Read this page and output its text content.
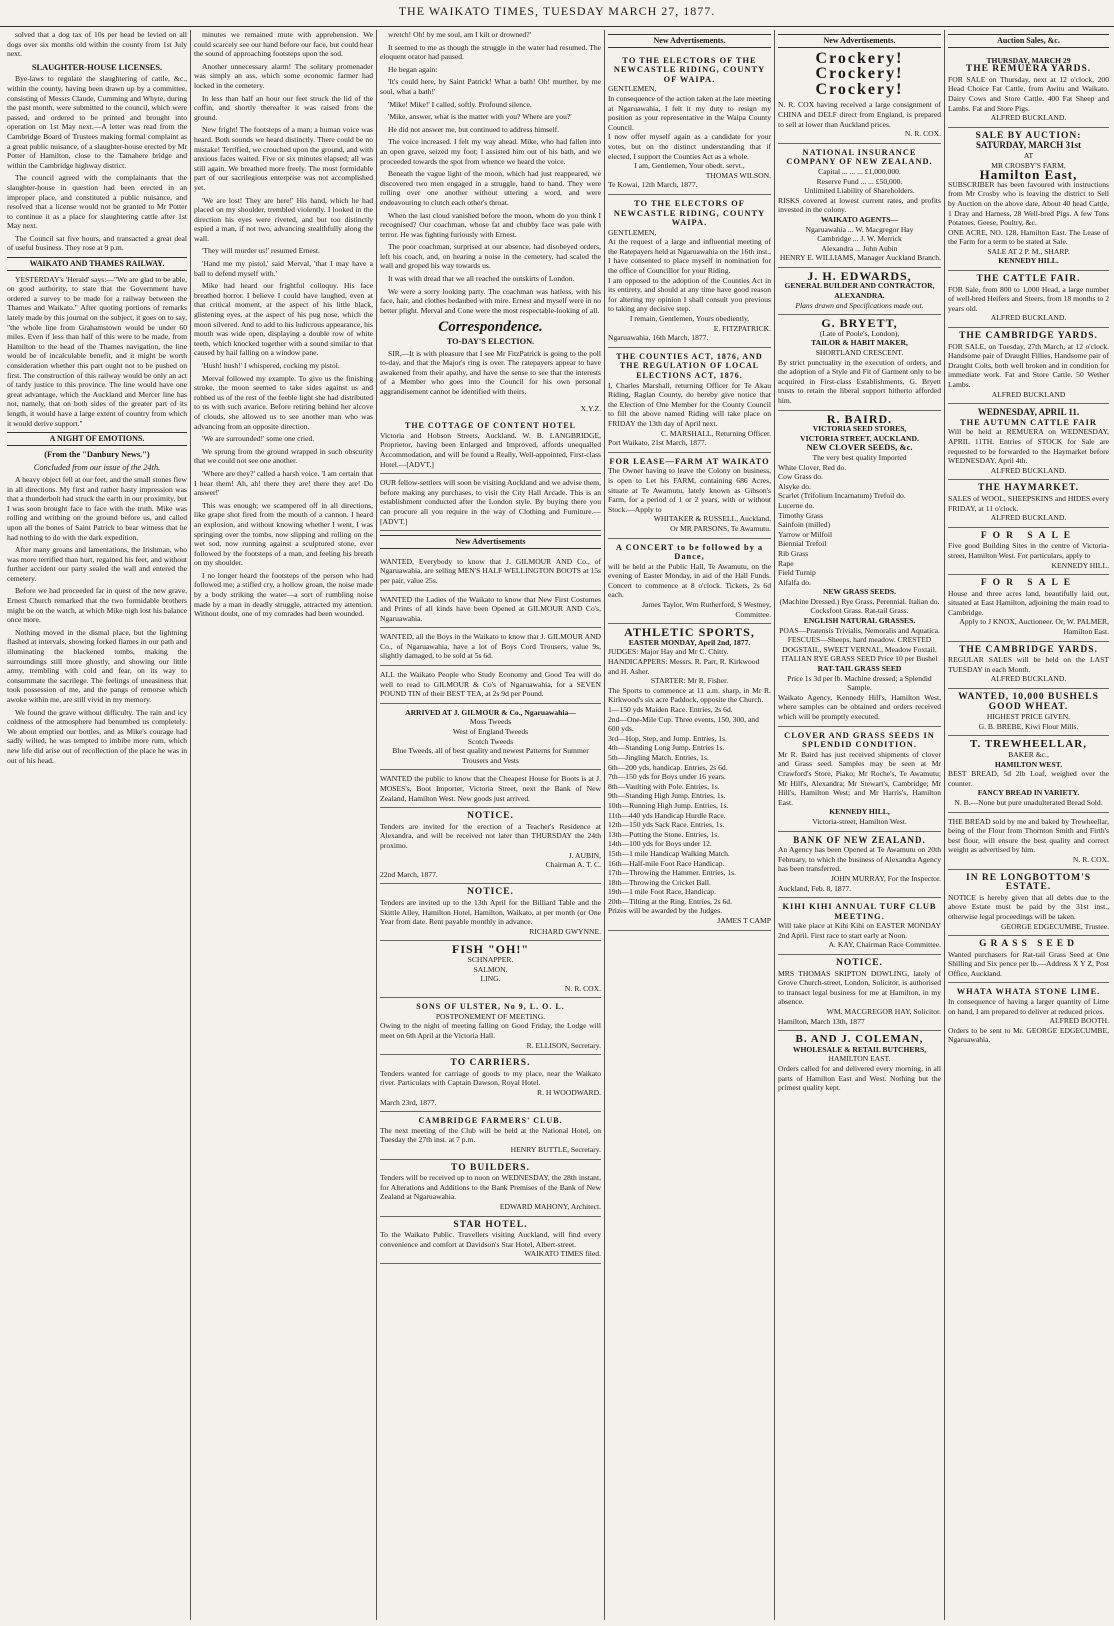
THE WAIKATO TIMES, TUESDAY MARCH 27, 1877.

solved that a dog tax of 10s per head be levied on all dogs over six months old within the county from 1st July next.

SLAUGHTER-HOUSE LICENSES.

Bye-laws to regulate the slaughtering of cattle, &c., within the county, having been drawn up by a committee, consisting of Messrs Claude, Cumming and Whyte, during the past month, were submitted to the council, which were passed, and ordered to be printed and brought into operation on 1st May next.—A letter was read from the Cambridge Board of Trustees making formal complaint as a great public nuisance, of a slaughter-house erected by Mr Potter of Hamilton, close to the Tamahere bridge and within the Cambridge highway district.

The council agreed with the complainants that the slaughter-house in question had been erected in an improper place, and constituted a public nuisance, and resolved that a license would not be granted to Mr Potter to continue it as a place for slaughtering cattle after 1st May next.

The Council sat five hours, and transacted a great deal of useful business. They rose at 9 p.m.

WAIKATO AND THAMES RAILWAY.

YESTERDAY's 'Herald' says:—"We are glad to be able, on good authority, to state that the Government have ordered a survey to be made for a railway between the Thames and Waikato." After quoting portions of remarks lately made by this journal on the subject, it goes on to say, "the whole line from Grahamstown would be under 60 miles. Even if less than half of this were to be made, from Hamilton to the head of the Thames navigation, the line would be of incalculable benefit, and it might be worth consideration whether this part ought not to be pushed on first. The construction of this railway would be only an act of tardy justice to this province. The line would have one great advantage, which the Auckland and Mercer line has not, namely, that on both sides of the greater part of its length, it would have a large extent of country from which it would derive support."

A NIGHT OF EMOTIONS.
(From the "Danbury News.")
Concluded from our issue of the 24th.

A heavy object fell at our feet, and the small stones flew in all directions. My first and rather hasty impression was that a thunderbolt had struck the earth in our proximity, but I was soon brought face to face with the truth. Mike was rolling and writhing on the ground before us, and called upon all the bones of Saint Patrick to bear witness that he had nothing to do with the dark expedition.

After many groans and lamentations, the Irishman, who was more terrified than hurt, regained his feet, and without further accident our party sealed the wall and entered the cemetery.

Before we had proceeded far in quest of the new grave, Ernest Church remarked that the two formidable brothers might be on the watch, at which Mike nigh lost his balance once more.

Nothing moved in the dismal place, but the lightning flashed at intervals, showing forked flames in our path and illuminating the blackened tombs, making the surroundings still more ghostly, and showing our little army, trembling with cold and fear, on its way to consummate the sacrilege. The feelings of uneasiness that took possession of me, and the pangs of remorse which awoke within me, are still vivid in my memory.

We found the grave without difficulty. The rain and icy coldness of the atmosphere had benumbed us completely. We about emptied our bottles, and as Mike's courage had sadly wilted, he was tempted to imbibe more rum, which new life did arise out of recollection of the place he was in out of his head.

minutes we remained mute with apprehension. We could scarcely see our hand before our face, but could hear the sound of approaching footsteps upon the sod.

Another unnecessary alarm! The solitary promenader was simply an ass, which some economic farmer had locked in the cemetery.

In less than half an hour our feet struck the lid of the coffin, and shortly thereafter it was raised from the ground.

New fright! The footsteps of a man; a human voice was heard. Both sounds we heard distinctly. There could be no mistake! Terrified, we crouched upon the ground, and with anxious faces waited. Five or six minutes elapsed; all was still again. We breathed more freely. The most formidable part of our sacrilegious enterprise was not accomplished yet.

'We are lost! They are here!' His hand, which he had placed on my shoulder, trembled violently. I looked in the direction his eyes were riveted, and but too distinctly espied a man, if not two, advancing stealthfully along the wall.

'They will murder us!' resumed Ernest.

'Hand me my pistol,' said Merval, 'that I may have a ball to defend myself with.'

Mike had heard our frightful colloquy. His face breathed horror. I believe I could have laughed, even at that critical moment, at the aspect of his little black, glistening eyes, at the aspect of his pug nose, which the moon silvered. And to add to his ludicrous appearance, his mouth was wide open, displaying a double row of white teeth, which knocked together with a sound similar to that caused by hail falling on a window pane.

'Hush! hush!' I whispered, cocking my pistol.

Merval followed my example. To give us the finishing stroke, the moon seemed to take sides against us and robbed us of the rest of the feeble light she had distributed to us with such avarice. Before retiring behind her alcove of clouds, she allowed us to see another man who was advancing from an opposite direction.

'We are surrounded!' some one cried.

We sprung from the ground wrapped in such obscurity that we could not see one another.

'Where are they?' called a harsh voice. 'I am certain that I hear them! Ah, ah! there they are! there they are! Do answer!'

This was enough; we scampered off in all directions, like grape shot fired from the mouth of a cannon. I heard an explosion, and without knowing whether I went, I was springing over the tombs, now slipping and rolling on the wet sod, now running against a sculptured stone, ever followed by the footsteps of a man, and feeling his breath on my shoulder.

I no longer heard the footsteps of the person who had followed me; a stifled cry, a hollow groan, the noise made by a body striking the water—a sort of rumbling noise made by a man in deadly struggle, attracted my attention. Without doubt, one of my comrades had been wounded.

wretch! Oh! by me soul, am I kilt or drowned?'

It seemed to me as though the struggle in the water had resumed. The eloquent orator had paused.

He began again:

'It's could here, by Saint Patrick! What a bath! Oh! murther, by me soul, what a bath!'

'Mike! Mike!' I called, softly. Profound silence.

'Mike, answer, what is the matter with you? Where are you?'

He did not answer me, but continued to address himself.

The voice increased. I felt my way ahead. Mike, who had fallen into an open grave, seized my foot; I assisted him out of his bath, and we proceeded towards the spot from whence we heard the voice.

Beneath the vague light of the moon, which had just reappeared, we discovered two men engaged in a struggle, hand to hand. They were rolling over one another without uttering a word, and were endeavouring to clutch each other's throat.

When the last cloud vanished before the moon, whom do you think I recognised? Our coachman, whose fat and chubby face was pale with terror. He was fighting furiously with Ernest.

The poor coachman, surprised at our absence, had disobeyed orders, left his coach, and, on hearing a noise in the cemetery, had scaled the wall and groped his way towards us.

It was with dread that we all reached the outskirts of London.

We were a sorry looking party. The coachman was hatless, with his face, hair, and clothes bedaubed with mire. Ernest and myself were in no better plight. Merval and Cone were the most respectable-looking of all.

Correspondence.
TO-DAY'S ELECTION.

SIR,—It is with pleasure that I see Mr FitzPatrick is going to the poll to-day, and that the Major's ring is over. The ratepayers appear to have awakened from their apathy, and have the sense to see that the interests of a Member who goes into the Council for his own personal aggrandisement cannot be identified with theirs.

X.Y.Z.
THE COTTAGE OF CONTENT HOTEL
Victoria and Hobson Streets, Auckland. W. B. LANGBRIDGE, Proprietor, having been Enlarged and Improved, affords unequalled Accommodation, and will be found a Really, Well-appointed, First-class Hotel.—[ADVT.]
OUR fellow-settlers will soon be visiting Auckland and we advise them, before making any purchases, to visit the City Hall Arcade. This is an establishment conducted after the London style. By buying there you can procure all you require in the way of Clothing and Furniture.—[ADVT.]
New Advertisements
WANTED, Everybody to know that J. GILMOUR AND Co., of Ngaruawahia, are selling MEN'S HALF WELLINGTON BOOTS at 15s per pair, value 25s.
WANTED the Ladies of the Waikato to know that New First Costumes and Prints of all kinds have been Opened at GILMOUR AND Co's, Ngaruawahia.
WANTED, all the Boys in the Waikato to know that J. GILMOUR AND Co., of Ngaruawahia, have a lot of Boys Cord Trousers, value 9s, slightly damaged, to be sold at 5s 6d.
ALL the Waikato People who Study Economy and Good Tea will do well to read to GILMOUR & Co's of Ngaruawahia, for a SEVEN POUND TIN of their BEST TEA, at 2s 9d per Pound.
ARRIVED AT J. GILMOUR & Co., Ngaruawahia—
Moss Tweeds
West of England Tweeds
Scotch Tweeds
Blue Tweeds, all of best quality and newest Patterns for Summer Trousers and Vests
WANTED the public to know that the Cheapest House for Boots is at J. MOSES's, Boot Importer, Victoria Street, next the Bank of New Zealand, Hamilton West. New goods just arrived.
NOTICE.
Tenders are invited for the erection of a Teacher's Residence at Alexandra, and will be received not later than THURSDAY the 24th proximo.
J. AUBIN,
Chairman A. T. C.
22nd March, 1877.
NOTICE.
Tenders are invited up to the 13th April for the Billiard Table and the Skittle Alley, Hamilton Hotel, Hamilton, Waikato, at per month (or One Year from date. Rent payable monthly in advance.
RICHARD GWYNNE.
FISH "OH!"
SCHNAPPER.
SALMON.
LING.
N. R. COX.
SONS OF ULSTER, No 9, L. O. L.
POSTPONEMENT OF MEETING.
Owing to the night of meeting falling on Good Friday, the Lodge will meet on 6th April at the Victoria Hall.
R. ELLISON, Secretary.
TO CARRIERS.
Tenders wanted for carriage of goods to my place, near the Waikato river. Particulars with Captain Dawson, Royal Hotel.
R. H WOODWARD.
March 23rd, 1877.
CAMBRIDGE FARMERS' CLUB.
The next meeting of the Club will be held at the National Hotel, on Tuesday the 27th inst. at 7 p.m.
HENRY BUTTLE, Secretary.
TO BUILDERS.
Tenders will be received up to noon on WEDNESDAY, the 28th instant, for Alterations and Additions to the Bank Premises of the Bank of New Zealand at Ngaruawahia.
EDWARD MAHONY, Architect.
STAR HOTEL.
To the Waikato Public. Travellers visiting Auckland, will find every convenience and comfort at Davidson's Star Hotel, Albert-street.
WAIKATO TIMES filed.
New Advertisements.
TO THE ELECTORS OF THE NEWCASTLE RIDING, COUNTY OF WAIPA.
GENTLEMEN,
In consequence of the action taken at the late meeting at Ngaruawahia, I felt it my duty to resign my position as your representative in the Waipa County Council.
I now offer myself again as a candidate for your votes, but on the distinct understanding that if elected, I support the Counties Act as a whole.
I am, Gentlemen, Your obedt. servt.,
THOMAS WILSON.
Te Kowai, 12th March, 1877.
TO THE ELECTORS OF NEWCASTLE RIDING, COUNTY WAIPA.
GENTLEMEN,
At the request of a large and influential meeting of the Ratepayers held at Ngaruawahia on the 16th inst., I have consented to place myself in nomination for the office of Councillor for your Riding.
I am opposed to the adoption of the Counties Act in its entirety, and should at any time have good reason for altering my opinion I shall consult you previous to taking any decisive step.
I remain, Gentlemen, Yours obediently,
E. FITZPATRICK.
Ngaruawahia, 16th March, 1877.
THE COUNTIES ACT, 1876, AND THE REGULATION OF LOCAL ELECTIONS ACT, 1876.
I, Charles Marshall, returning Officer for Te Akau Riding, Raglan County, do hereby give notice that the Election of One Member for the County Council to fill the above named Riding will take place on FRIDAY the 13th day of April next.
C. MARSHALL, Returning Officer.
Port Waikato, 21st March, 1877.
FOR LEASE—FARM AT WAIKATO
The Owner having to leave the Colony on business, is open to Let his FARM, containing 686 Acres, situate at Te Awamutu, lately known as Gibson's Farm, for a period of 1 or 2 years, with or without Stock.—Apply to
WHITAKER & RUSSELL, Auckland,
Or MR PARSONS, Te Awamutu.
A CONCERT to be followed by a Dance,
will be held at the Public Hall, Te Awamutu, on the evening of Easter Monday, in aid of the Hall Funds. Concert to commence at 8 o'clock. Tickets, 2s 6d each.
James Taylor, Wm Rutherford, S Westney, Committee.
ATHLETIC SPORTS,
EASTER MONDAY, April 2nd, 1877.
JUDGES: Major Hay and Mr C. Chitty.
HANDICAPPERS: Messrs. R. Parr, R. Kirkwood and H. Asher.
STARTER: Mr R. Fisher.
The Sports to commence at 11 a.m. sharp, in Mr R. Kirkwood's six acre Paddock, opposite the Church.
1—150 yds Maiden Race. Entries, 2s 6d.
2nd—One-Mile Cup. Three events, 150, 300, and 600 yds.
3rd—Hop, Step, and Jump. Entries, 1s.
4th—Standing Long Jump. Entries 1s.
5th—Jingling Match. Entries, 1s.
6th—200 yds, handicap. Entries, 2s 6d.
7th—150 yds for Boys under 16 years.
8th—Vaulting with Pole. Entries, 1s.
9th—Standing High Jump. Entries, 1s.
10th—Running High Jump. Entries, 1s.
11th—440 yds Handicap Hurdle Race.
12th—150 yds Sack Race. Entries, 1s.
13th—Putting the Stone. Entries, 1s.
14th—100 yds for Boys under 12.
15th—1 mile Handicap Walking Match.
16th—Half-mile Foot Race Handicap.
17th—Throwing the Hammer. Entries, 1s.
18th—Throwing the Cricket Ball.
19th—1 mile Foot Race, Handicap.
20th—Tilting at the Ring. Entries, 2s 6d.
Prizes will be awarded by the Judges.
JAMES T CAMP
New Advertisements.
Crockery!
Crockery!
Crockery!
N. R. COX having received a large consignment of CHINA and DELF direct from England, is prepared to sell at lower than Auckland prices.
N. R. COX.
NATIONAL INSURANCE COMPANY OF NEW ZEALAND.
Capital ... ... ... £1,000,000.
Reserve Fund ... ... £50,000.
Unlimited Liability of Shareholders.
RISKS covered at lowest current rates, and profits invested in the colony.
WAIKATO AGENTS—
Ngaruawahia ... W. Macgregor Hay
Cambridge ... J. W. Merrick
Alexandra ... John Aubin
HENRY E. WILLIAMS, Manager Auckland Branch.
J. H. EDWARDS,
GENERAL BUILDER AND CONTRACTOR,
ALEXANDRA.
Plans drawn and Specifications made out.
G. BRYETT,
(Late of Poole's, London),
TAILOR & HABIT MAKER,
SHORTLAND CRESCENT.
By strict punctuality in the execution of orders, and the adoption of a Style and Fit of Garment only to be acquired in First-class Establishments, G. Bryett trusts to retain the liberal support hitherto afforded him.
R. BAIRD.
VICTORIA SEED STORES,
VICTORIA STREET, AUCKLAND.
NEW CLOVER SEEDS, &c.
The very best quality Imported
White Clover, Red do.
Cow Grass do.
Alsyke do.
Scarlet (Trifolium Incarnatum) Trefoil do.
Lucerne do.
Timothy Grass
Sainfoin (milled)
Yarrow or Milfoil
Biennial Trefoil
Rib Grass
Rape
Field Turnip
Alfalfa do.
NEW GRASS SEEDS.
(Machine Dressed.) Rye Grass, Perennial. Italian do. Cocksfoot Grass. Rat-tail Grass.
ENGLISH NATURAL GRASSES.
POAS—Pratensis Trivialis, Nemoralis and Aquatica.
FESCUES—Sheeps, hard meadow. CRESTED DOGSTAIL, SWEET VERNAL, Meadow Foxtail.
ITALIAN RYE GRASS SEED Price 10 per Bushel
RAT-TAIL GRASS SEED
Price 1s 3d per lb. Machine dressed; a Splendid Sample.
Waikato Agency, Kennedy Hill's, Hamilton West, where samples can be obtained and orders received which will be promptly executed.
CLOVER AND GRASS SEEDS IN SPLENDID CONDITION.
Mr R. Baird has just received shipments of clover and Grass seed. Samples may be seen at Mr Crawford's Store, Piako; Mr Roche's, Te Awamutu; Mr Hill's, Alexandra; Mr Stewart's, Cambridge; Mr Hill's, Hamilton West; and Mr Harris's, Hamilton East.
KENNEDY HILL,
Victoria-street, Hamilton West.
BANK OF NEW ZEALAND.
An Agency has been Opened at Te Awamutu on 20th February, to which the business of Alexandra Agency has been transferred.
JOHN MURRAY, For the Inspector.
Auckland, Feb. 8, 1877.
KIHI KIHI ANNUAL TURF CLUB MEETING.
Will take place at Kihi Kihi on EASTER MONDAY 2nd April. First race to start early at Noon.
A. KAY, Chairman Race Committee.
NOTICE.
MRS THOMAS SKIPTON DOWLING, lately of Grove Church-street, London, Solicitor, is authorised to transact legal business for me at Hamilton, in my absence.
WM. MACGREGOR HAY, Solicitor.
Hamilton, March 13th, 1877
B. AND J. COLEMAN,
WHOLESALE & RETAIL BUTCHERS,
HAMILTON EAST.
Orders called for and delivered every morning, in all parts of Hamilton East and West. Nothing but the primest quality kept.
Auction Sales, &c.
THURSDAY, MARCH 29
THE REMUERA YARDS.
FOR SALE on Thursday, next at 12 o'clock, 200 Head Choice Fat Cattle, from Awitu and Waikato. Dairy Cows and Store Cattle. 400 Fat Sheep and Lambs. Fat and Store Pigs.
ALFRED BUCKLAND.
SALE BY AUCTION:
SATURDAY, MARCH 31st
AT
MR CROSBY'S FARM,
Hamilton East,
SUBSCRIBER has been favoured with instructions from Mr Crosby who is leaving the district to Sell by Auction on the above date, About 40 head Cattle, 1 Dray and Harness, 28 Well-bred Pigs. A few Tons Potatoes. Geese, Poultry, &c.
ONE ACRE, NO. 128, Hamilton East. The Lease of the Farm for a term to be stated at Sale.
SALE AT 2 P. M., SHARP.
KENNEDY HILL.
THE CATTLE FAIR.
FOR Sale, from 800 to 1,000 Head, a large number of well-bred Heifers and Steers, from 18 months to 2 years old.
ALFRED BUCKLAND.
THE CAMBRIDGE YARDS.
FOR SALE, on Tuesday, 27th March, at 12 o'clock. Handsome pair of Draught Fillies, Handsome pair of Draught Colts, both well broken and in condition for immediate work. Fat and Store Cattle. 50 Wether Lambs.
ALFRED BUCKLAND
WEDNESDAY, APRIL 11.
THE AUTUMN CATTLE FAIR
Will be held at REMUERA on WEDNESDAY, APRIL 11TH. Entries of STOCK for Sale are requested to be forwarded to the Haymarket before WEDNESDAY, April 4th.
ALFRED BUCKLAND.
THE HAYMARKET.
SALES of WOOL, SHEEPSKINS and HIDES every FRIDAY, at 11 o'clock.
ALFRED BUCKLAND.
FOR SALE
Five good Building Sites in the centre of Victoria-street, Hamilton West. For particulars, apply to
KENNEDY HILL.
FOR SALE
House and three acres land, beautifully laid out, situated at East Hamilton, adjoining the main road to Cambridge.
Apply to J KNOX, Auctioneer. Or, W. PALMER, Hamilton East.
THE CAMBRIDGE YARDS.
REGULAR SALES will be held on the LAST TUESDAY in each Month.
ALFRED BUCKLAND.
WANTED, 10,000 BUSHELS GOOD WHEAT.
HIGHEST PRICE GIVEN.
G. B. BREBE, Kiwi Flour Mills.
T. TREWHEELLAR,
BAKER &c.,
HAMILTON WEST.
BEST BREAD, 5d 2lb Loaf, weighed over the counter.
FANCY BREAD IN VARIETY.
N. B.—None but pure unadulterated Bread Sold.
THE BREAD sold by me and baked by Trewheellar, being of the Flour from Thornton Smith and Firth's best flour, will ensure the best quality and correct weight as advertised by him.
N. R. COX.
IN RE LONGBOTTOM'S ESTATE.
NOTICE is hereby given that all debts due to the above Estate must be paid by the 31st inst., otherwise legal proceedings will be taken.
GEORGE EDGECUMBE, Trustee.
GRASS SEED
Wanted purchasers for Rat-tail Grass Seed at One Shilling and Six pence per lb.—Address X Y Z, Post Office, Auckland.
WHATA WHATA STONE LIME.
In consequence of having a larger quantity of Lime on hand, I am prepared to deliver at reduced prices.
ALFRED BOOTH.
Orders to be sent to Mr. GEORGE EDGECUMBE, Ngaruawahia.
